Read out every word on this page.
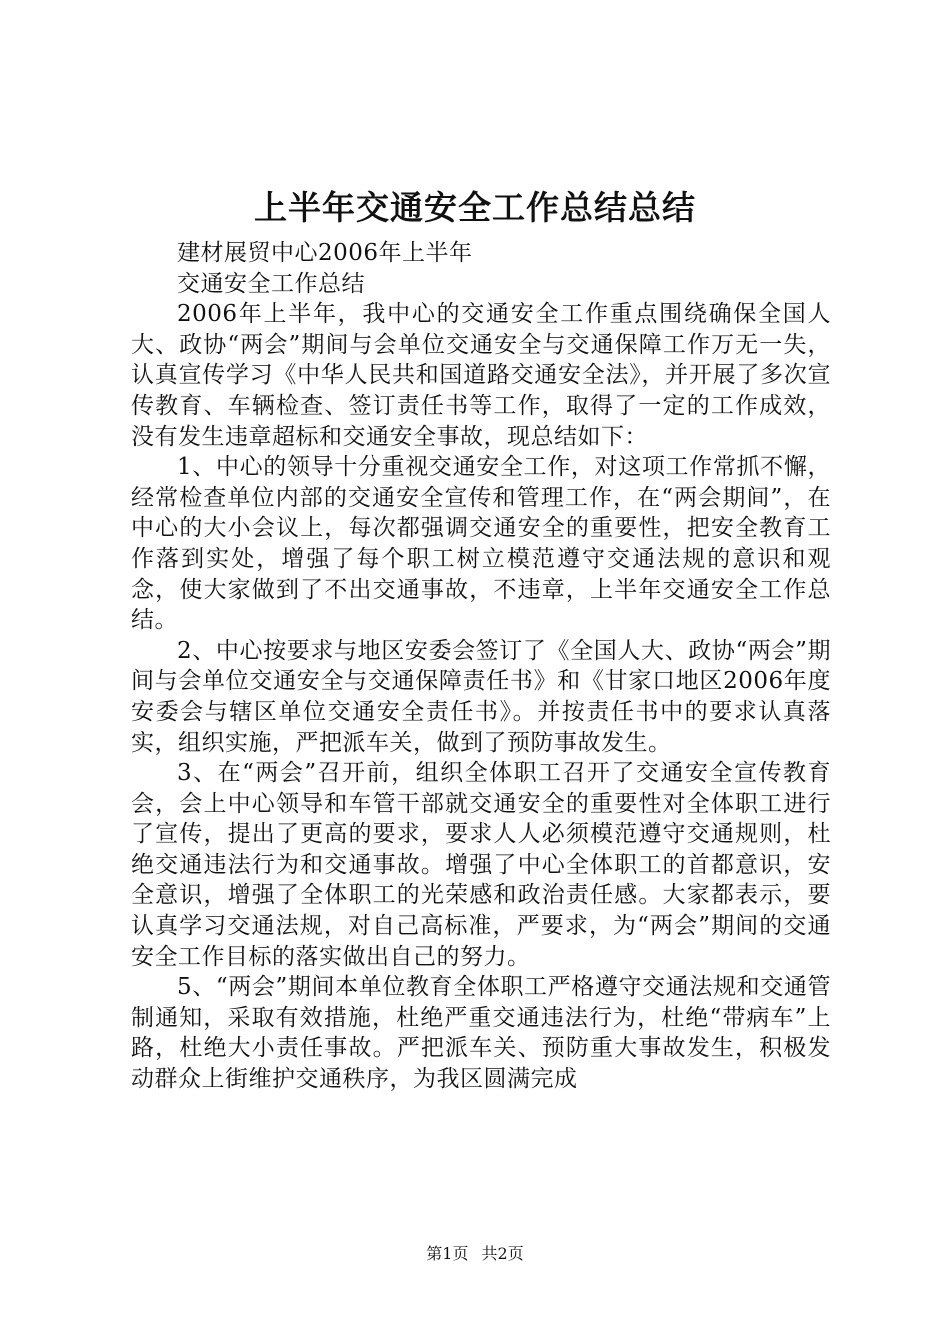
上半年交通安全工作总结总结

建材展贸中心2006年上半年

交通安全工作总结

2006年上半年，我中心的交通安全工作重点围绕确保全国人大、政协“两会”期间与会单位交通安全与交通保障工作万无一失，认真宣传学习《中华人民共和国道路交通安全法》，并开展了多次宣传教育、车辆检查、签订责任书等工作，取得了一定的工作成效，没有发生违章超标和交通安全事故，现总结如下：

1、中心的领导十分重视交通安全工作，对这项工作常抓不懈，经常检查单位内部的交通安全宣传和管理工作，在“两会期间”，在中心的大小会议上，每次都强调交通安全的重要性，把安全教育工作落到实处，增强了每个职工树立模范遵守交通法规的意识和观念，使大家做到了不出交通事故，不违章，上半年交通安全工作总结。

2、中心按要求与地区安委会签订了《全国人大、政协“两会”期间与会单位交通安全与交通保障责任书》和《甘家口地区2006年度安委会与辖区单位交通安全责任书》。并按责任书中的要求认真落实，组织实施，严把派车关，做到了预防事故发生。

3、在“两会”召开前，组织全体职工召开了交通安全宣传教育会，会上中心领导和车管干部就交通安全的重要性对全体职工进行了宣传，提出了更高的要求，要求人人必须模范遵守交通规则，杜绝交通违法行为和交通事故。增强了中心全体职工的首都意识，安全意识，增强了全体职工的光荣感和政治责任感。大家都表示，要认真学习交通法规，对自己高标准，严要求，为“两会”期间的交通安全工作目标的落实做出自己的努力。

5、“两会”期间本单位教育全体职工严格遵守交通法规和交通管制通知，采取有效措施，杜绝严重交通违法行为，杜绝“带病车”上路，杜绝大小责任事故。严把派车关、预防重大事故发生，积极发动群众上街维护交通秩序，为我区圆满完成

第1页 共2页
